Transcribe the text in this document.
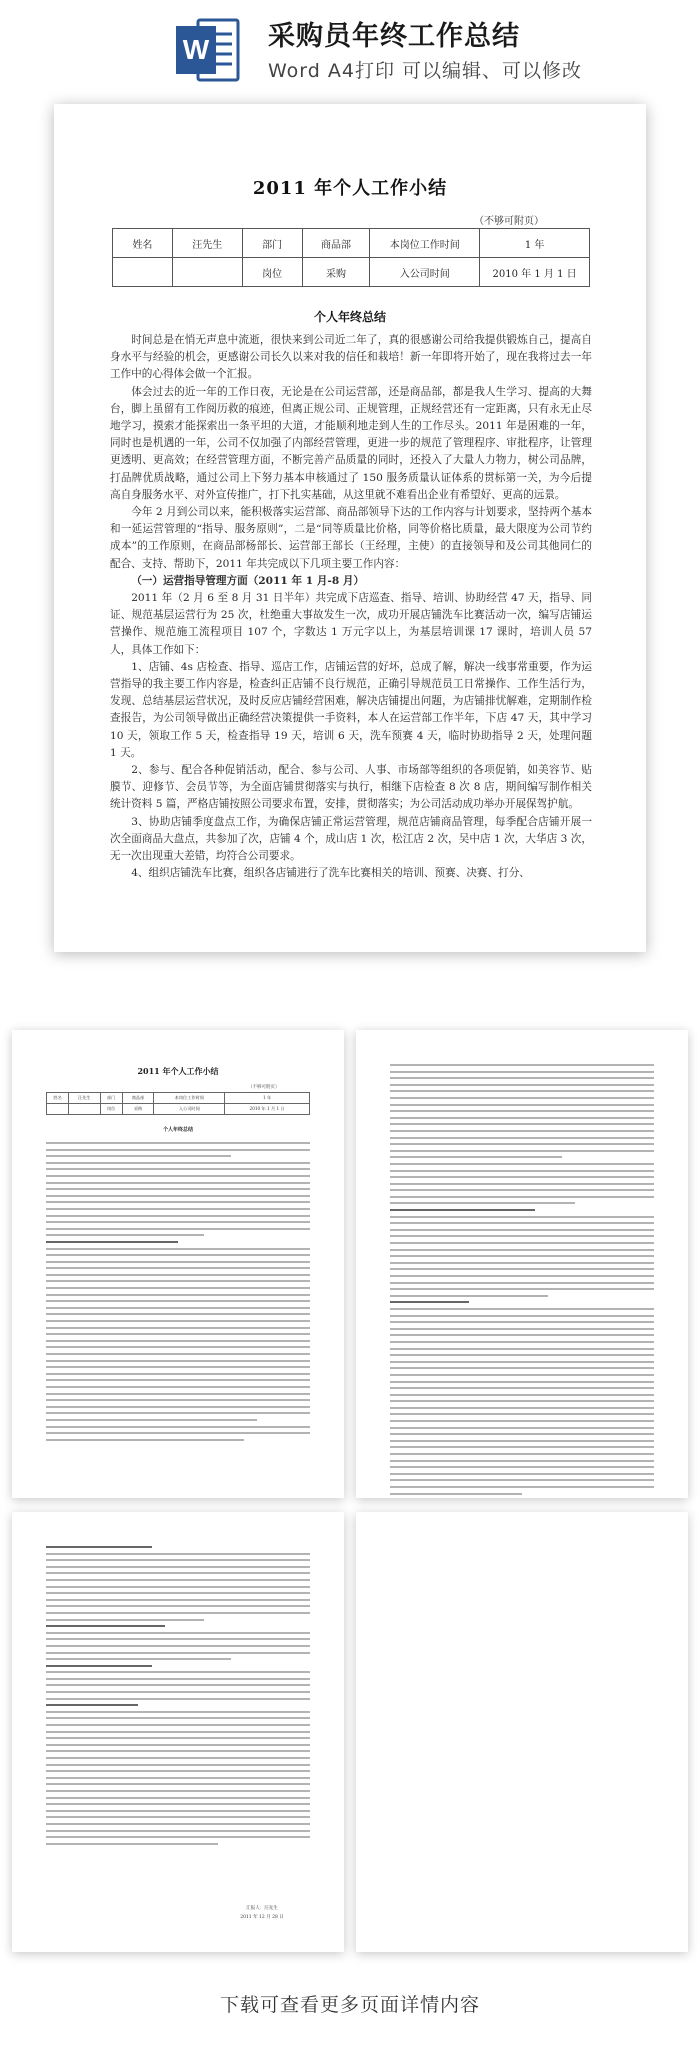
W 采购员年终工作总结
Word A4打印 可以编辑、可以修改
2011 年个人工作小结
（不够可附页）
姓名	汪先生	部门	商品部	本岗位工作时间	1 年
		岗位	采购	入公司时间	2010 年 1 月 1 日
个人年终总结

时间总是在悄无声息中流逝，很快来到公司近二年了，真的很感谢公司给我提供锻炼自己，提高自身水平与经验的机会，更感谢公司长久以来对我的信任和栽培！新一年即将开始了，现在我将过去一年工作中的心得体会做一个汇报。

体会过去的近一年的工作日夜，无论是在公司运营部，还是商品部，都是我人生学习、提高的大舞台，脚上虽留有工作阅历救的痕迹，但离正规公司、正规管理，正规经营还有一定距离，只有永无止尽地学习，摸索才能探索出一条平坦的大道，才能顺利地走到人生的工作尽头。2011 年是困难的一年，同时也是机遇的一年，公司不仅加强了内部经营管理，更进一步的规范了管理程序、审批程序，让管理更透明、更高效；在经营管理方面，不断完善产品质量的同时，还投入了大量人力物力，树公司品牌，打品牌优质战略，通过公司上下努力基本申核通过了 150 服务质量认证体系的贯标第一关，为今后提高自身服务水平、对外宣传推广，打下扎实基础，从这里就不难看出企业有希望好、更高的远景。

今年 2 月到公司以来，能积极落实运营部、商品部领导下达的工作内容与计划要求，坚持两个基本和一延运营管理的“指导、服务原则”，二是“同等质量比价格，同等价格比质量，最大限度为公司节约成本”的工作原则，在商品部杨部长、运营部王部长（王经理，主使）的直接领导和及公司其他同仁的配合、支持、帮助下，2011 年共完成以下几项主要工作内容：

（一）运营指导管理方面（2011 年 1 月-8 月）

2011 年（2 月 6 至 8 月 31 日半年）共完成下店巡查、指导、培训、协助经营 47 天，指导、同证、规范基层运营行为 25 次，杜绝重大事故发生一次，成功开展店铺洗车比赛活动一次，编写店铺运营操作、规范施工流程项目 107 个，字数达 1 万元字以上，为基层培训课 17 课时，培训人员 57 人，具体工作如下：

1、店铺、4s 店检查、指导、巡店工作，店铺运营的好坏，总成了解，解决一线事常重要，作为运营指导的我主要工作内容是，检查纠正店铺不良行规范，正确引导规范员工日常操作、工作生活行为，发现、总结基层运营状况，及时反应店铺经营困难，解决店铺提出问题，为店铺排忧解难，定期制作检查报告，为公司领导做出正确经营决策提供一手资料，本人在运营部工作半年，下店 47 天，其中学习 10 天，领取工作 5 天，检查指导 19 天，培训 6 天，洗车预赛 4 天，临时协助指导 2 天，处理问题 1 天。

2、参与、配合各种促销活动，配合、参与公司、人事、市场部等组织的各项促销，如美容节、贴膜节、迎修节、会员节等，为全面店铺贯彻落实与执行，相继下店检查 8 次 8 店，期间编写制作相关统计资料 5 篇，严格店铺按照公司要求布置，安排，贯彻落实；为公司活动成功举办开展保驾护航。

3、协助店铺季度盘点工作，为确保店铺正常运营管理，规范店铺商品管理，每季配合店铺开展一次全面商品大盘点，共参加了次，店铺 4 个，成山店 1 次，松江店 2 次，吴中店 1 次，大华店 3 次，无一次出现重大差错，均符合公司要求。

4、组织店铺洗车比赛，组织各店铺进行了洗车比赛相关的培训、预赛、决赛、打分、

2011 年个人工作小结
（不够可附页）
姓名	汪先生	部门	商品部	本岗位工作时间	1 年
		岗位	采购	入公司时间	2010 年 1 月 1 日
个人年终总结
汇报人：汪先生
2011 年 12 月 28 日
下载可查看更多页面详情内容
